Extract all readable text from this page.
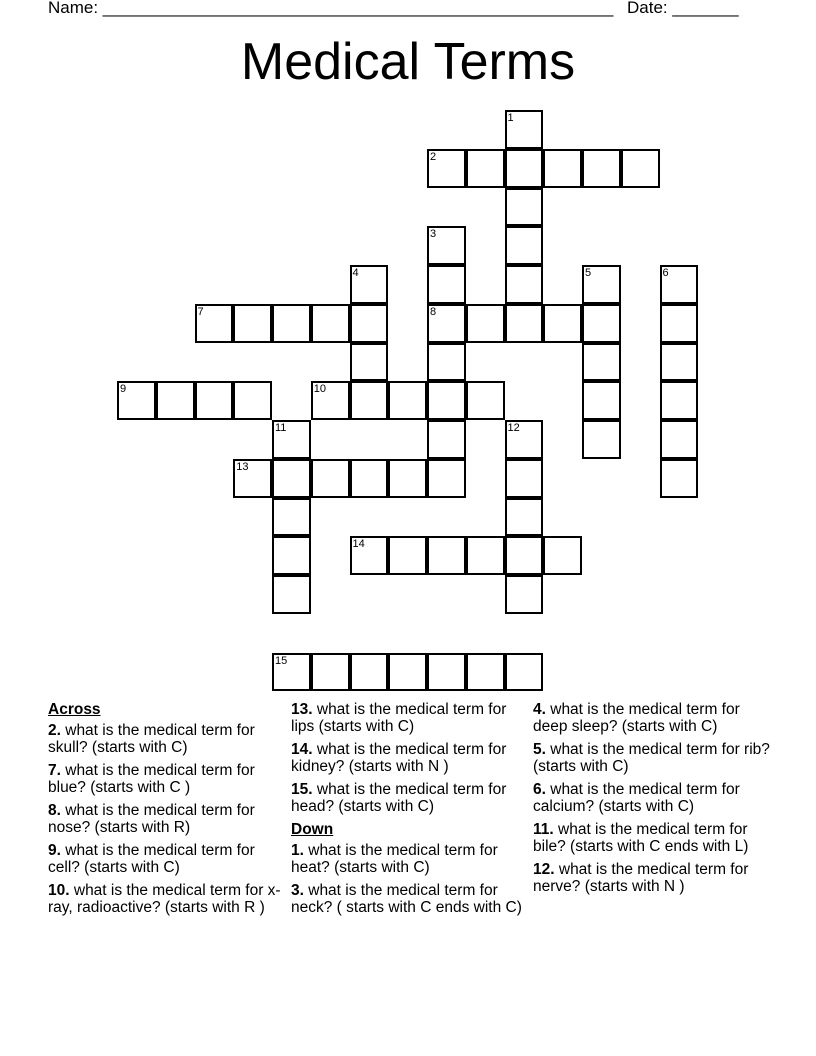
Name: ______________________________________________________ Date: _______
Medical Terms
1
2
3
8
4	5	6
7
9	10
11	12
13
14
15
Across
2. what is the medical term for skull? (starts with C)
7. what is the medical term for blue? (starts with C )
8. what is the medical term for nose? (starts with R)
9. what is the medical term for cell? (starts with C)
10. what is the medical term for x-ray, radioactive? (starts with R )
13. what is the medical term for lips (starts with C)
14. what is the medical term for kidney? (starts with N )
15. what is the medical term for head? (starts with C)
Down
1. what is the medical term for heat? (starts with C)
3. what is the medical term for neck? ( starts with C ends with C)
4. what is the medical term for deep sleep? (starts with C)
5. what is the medical term for rib? (starts with C)
6. what is the medical term for calcium? (starts with C)
11. what is the medical term for bile? (starts with C ends with L)
12. what is the medical term for nerve? (starts with N )
